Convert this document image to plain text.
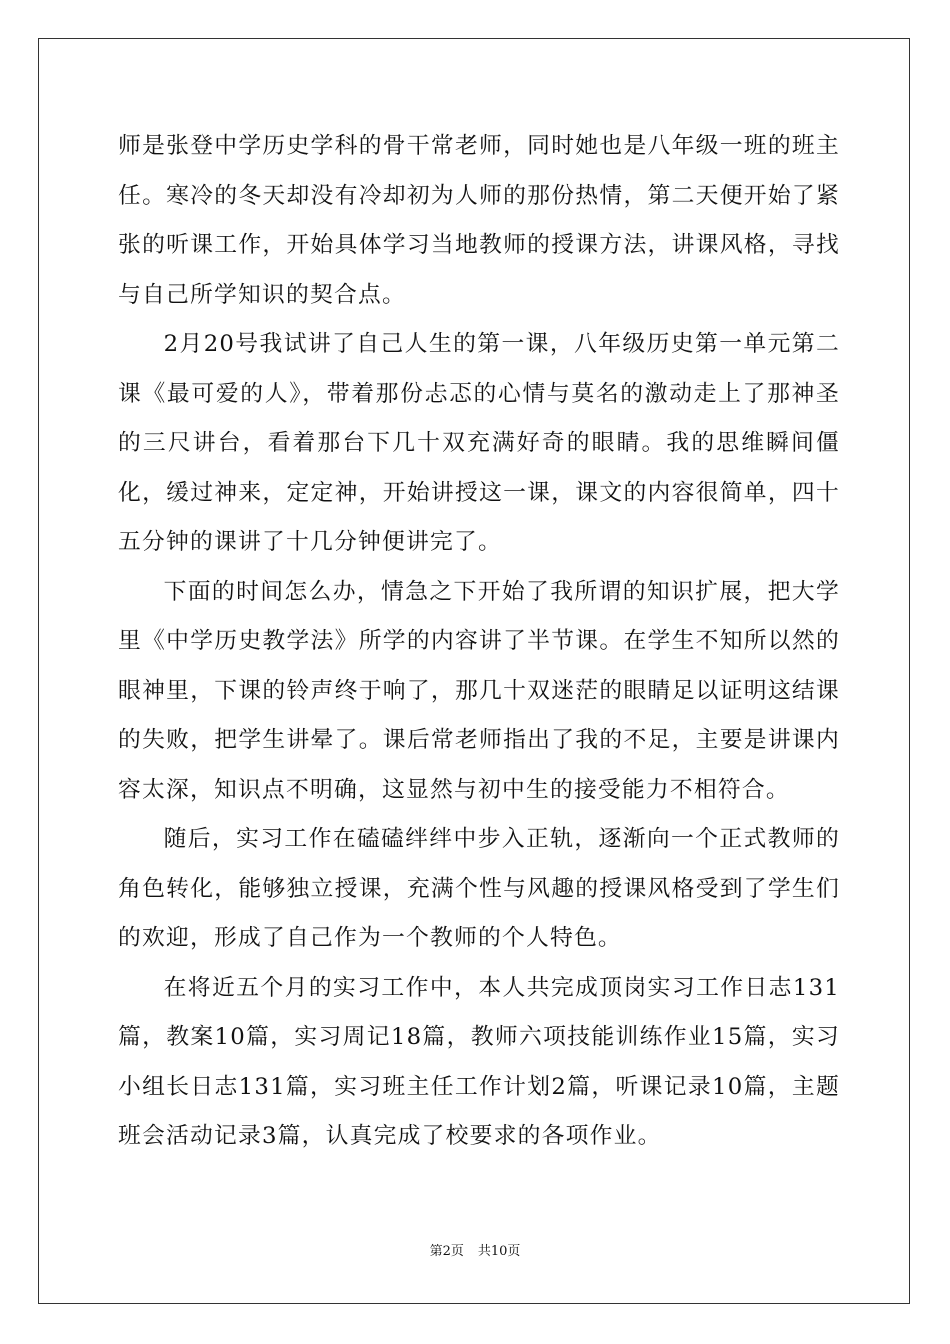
师是张登中学历史学科的骨干常老师，同时她也是八年级一班的班主任。寒冷的冬天却没有冷却初为人师的那份热情，第二天便开始了紧张的听课工作，开始具体学习当地教师的授课方法，讲课风格，寻找与自己所学知识的契合点。

2月20号我试讲了自己人生的第一课，八年级历史第一单元第二课《最可爱的人》，带着那份忐忑的心情与莫名的激动走上了那神圣的三尺讲台，看着那台下几十双充满好奇的眼睛。我的思维瞬间僵化，缓过神来，定定神，开始讲授这一课，课文的内容很简单，四十五分钟的课讲了十几分钟便讲完了。

下面的时间怎么办，情急之下开始了我所谓的知识扩展，把大学里《中学历史教学法》所学的内容讲了半节课。在学生不知所以然的眼神里，下课的铃声终于响了，那几十双迷茫的眼睛足以证明这结课的失败，把学生讲晕了。课后常老师指出了我的不足，主要是讲课内容太深，知识点不明确，这显然与初中生的接受能力不相符合。

随后，实习工作在磕磕绊绊中步入正轨，逐渐向一个正式教师的角色转化，能够独立授课，充满个性与风趣的授课风格受到了学生们的欢迎，形成了自己作为一个教师的个人特色。

在将近五个月的实习工作中，本人共完成顶岗实习工作日志131篇，教案10篇，实习周记18篇，教师六项技能训练作业15篇，实习小组长日志131篇，实习班主任工作计划2篇，听课记录10篇，主题班会活动记录3篇，认真完成了校要求的各项作业。

第2页 共10页
